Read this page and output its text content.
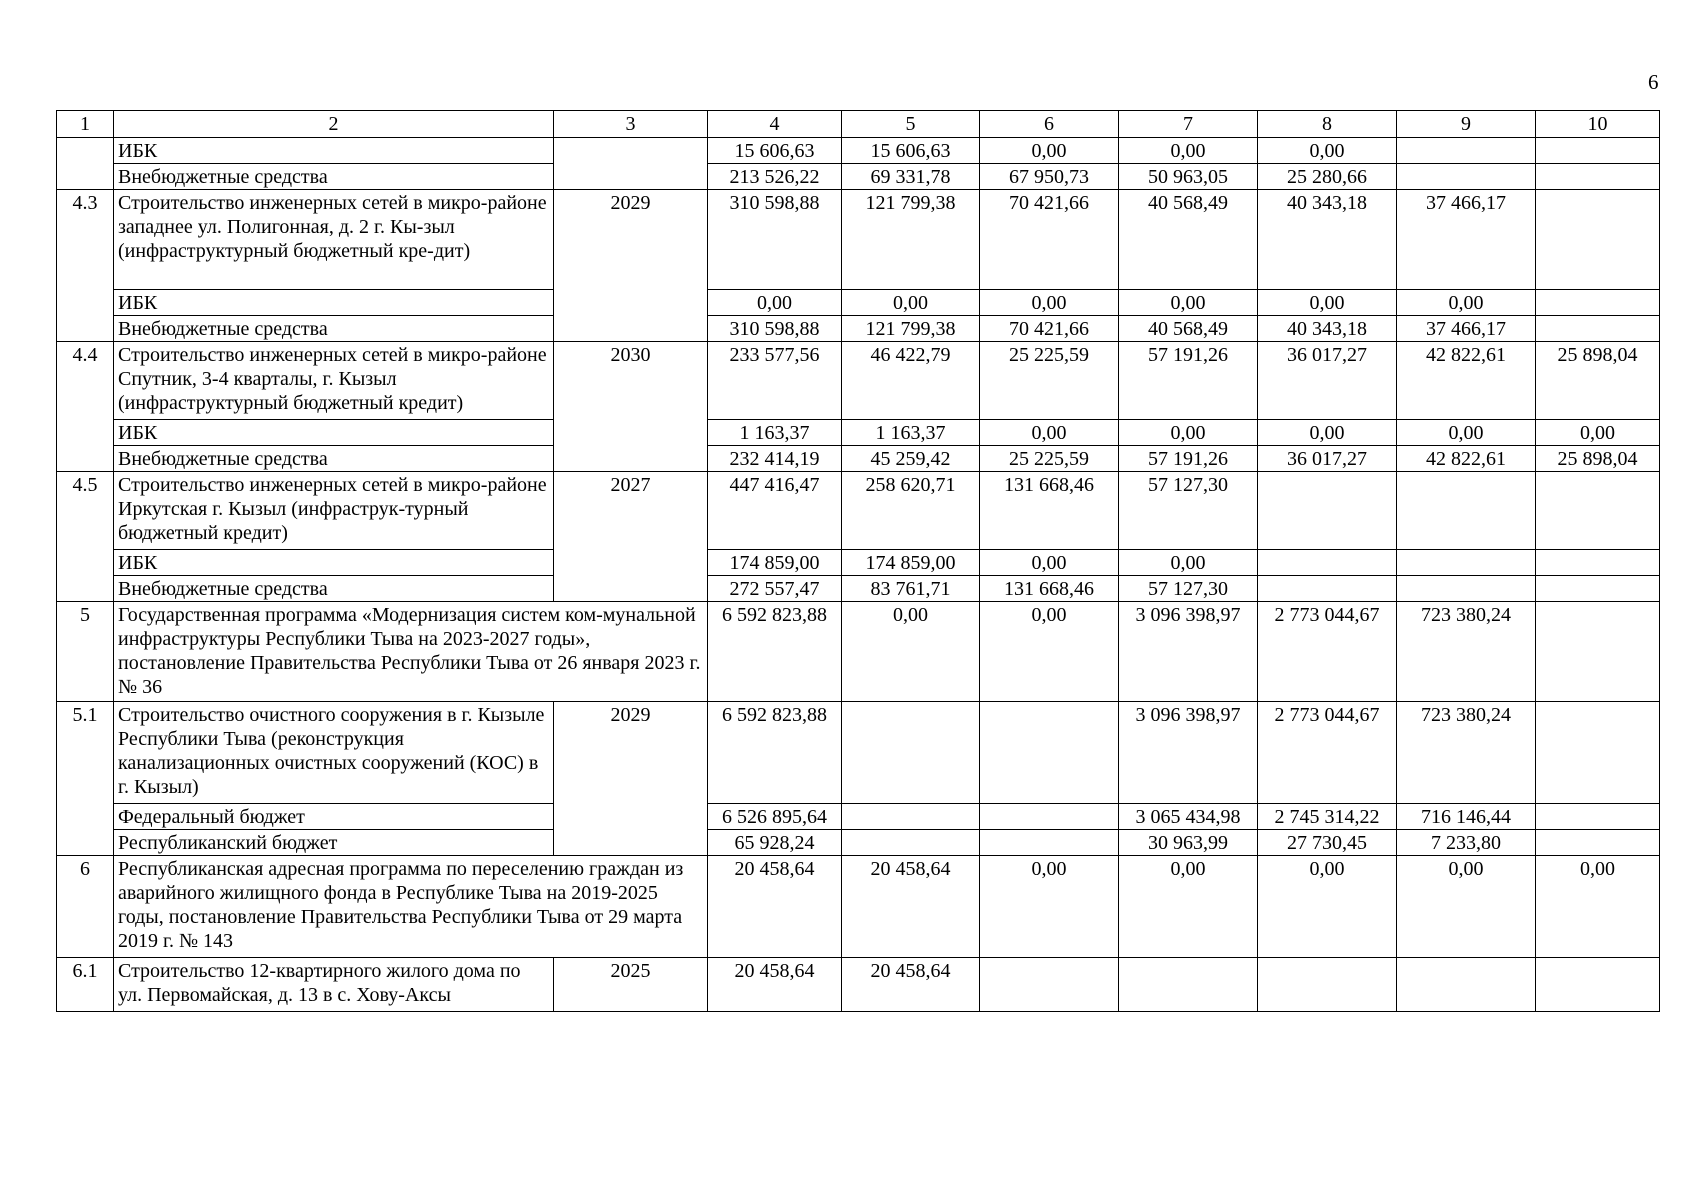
6
1	2	3	4	5	6	7	8	9	10
	ИБК		15 606,63	15 606,63	0,00	0,00	0,00		
	Внебюджетные средства		213 526,22	69 331,78	67 950,73	50 963,05	25 280,66		
4.3	Строительство инженерных сетей в микро-районе западнее ул. Полигонная, д. 2 г. Кы-зыл (инфраструктурный бюджетный кре-дит)	2029	310 598,88	121 799,38	70 421,66	40 568,49	40 343,18	37 466,17	
	ИБК		0,00	0,00	0,00	0,00	0,00	0,00	
	Внебюджетные средства		310 598,88	121 799,38	70 421,66	40 568,49	40 343,18	37 466,17	
4.4	Строительство инженерных сетей в микро-районе Спутник, 3-4 кварталы, г. Кызыл (инфраструктурный бюджетный кредит)	2030	233 577,56	46 422,79	25 225,59	57 191,26	36 017,27	42 822,61	25 898,04
	ИБК		1 163,37	1 163,37	0,00	0,00	0,00	0,00	0,00
	Внебюджетные средства		232 414,19	45 259,42	25 225,59	57 191,26	36 017,27	42 822,61	25 898,04
4.5	Строительство инженерных сетей в микро-районе Иркутская г. Кызыл (инфраструк-турный бюджетный кредит)	2027	447 416,47	258 620,71	131 668,46	57 127,30			
	ИБК		174 859,00	174 859,00	0,00	0,00			
	Внебюджетные средства		272 557,47	83 761,71	131 668,46	57 127,30			
5	Государственная программа «Модернизация систем ком-мунальной инфраструктуры Республики Тыва на 2023-2027 годы», постановление Правительства Республики Тыва от 26 января 2023 г. № 36		6 592 823,88	0,00	0,00	3 096 398,97	2 773 044,67	723 380,24	
5.1	Строительство очистного сооружения в г. Кызыле Республики Тыва (реконструкция канализационных очистных сооружений (КОС) в г. Кызыл)	2029	6 592 823,88			3 096 398,97	2 773 044,67	723 380,24	
	Федеральный бюджет		6 526 895,64			3 065 434,98	2 745 314,22	716 146,44	
	Республиканский бюджет		65 928,24			30 963,99	27 730,45	7 233,80	
6	Республиканская адресная программа по переселению граждан из аварийного жилищного фонда в Республике Тыва на 2019-2025 годы, постановление Правительства Республики Тыва от 29 марта 2019 г. № 143		20 458,64	20 458,64	0,00	0,00	0,00	0,00	0,00
6.1	Строительство 12-квартирного жилого дома по ул. Первомайская, д. 13 в с. Хову-Аксы	2025	20 458,64	20 458,64					
